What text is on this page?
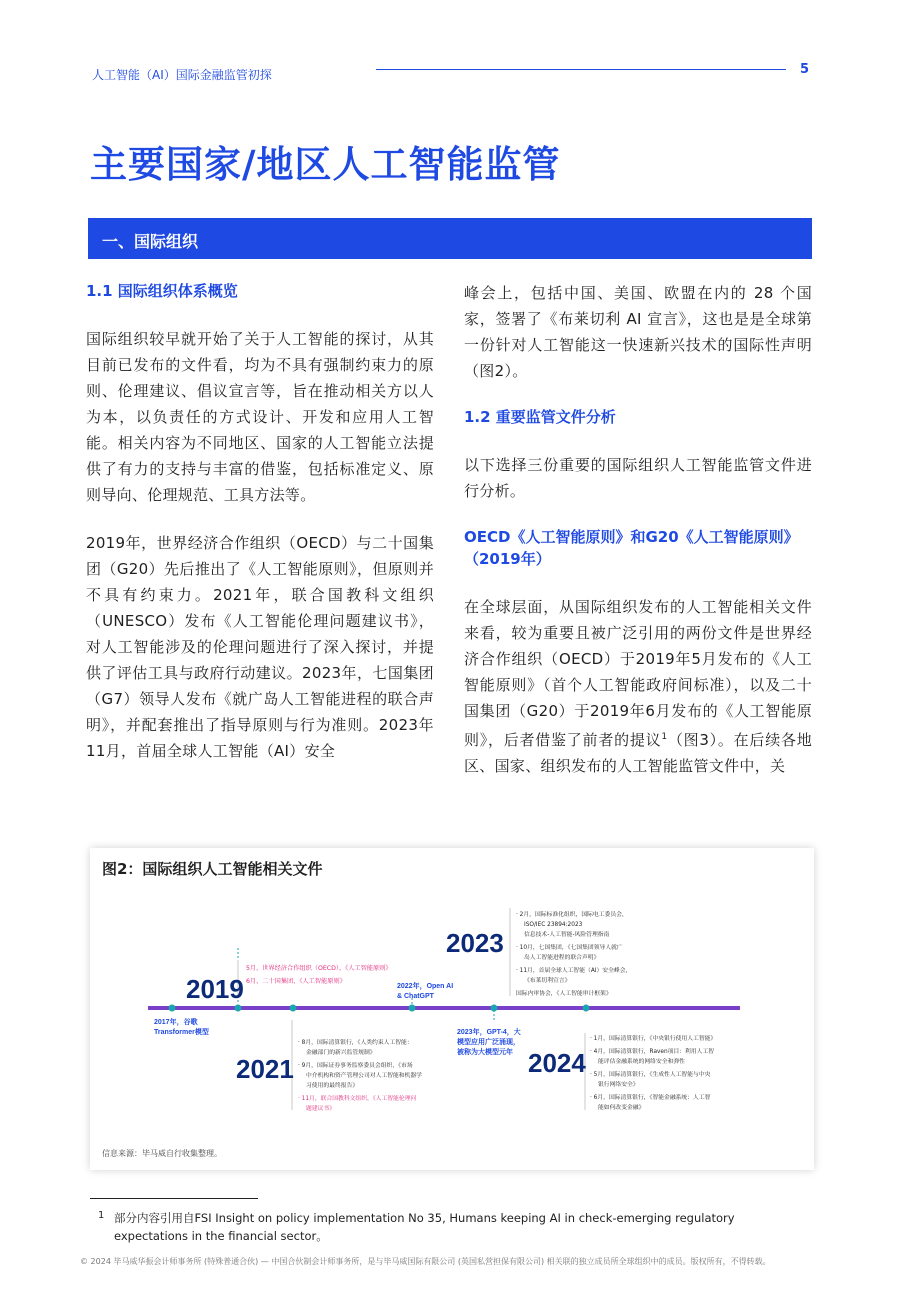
人工智能（AI）国际金融监管初探	5
主要国家/地区人工智能监管
一、国际组织
1.1 国际组织体系概览
国际组织较早就开始了关于人工智能的探讨，从其目前已发布的文件看，均为不具有强制约束力的原则、伦理建议、倡议宣言等，旨在推动相关方以人为本，以负责任的方式设计、开发和应用人工智能。相关内容为不同地区、国家的人工智能立法提供了有力的支持与丰富的借鉴，包括标准定义、原则导向、伦理规范、工具方法等。
2019年，世界经济合作组织（OECD）与二十国集团（G20）先后推出了《人工智能原则》，但原则并不具有约束力。2021年，联合国教科文组织（UNESCO）发布《人工智能伦理问题建议书》，对人工智能涉及的伦理问题进行了深入探讨，并提供了评估工具与政府行动建议。2023年，七国集团（G7）领导人发布《就广岛人工智能进程的联合声明》，并配套推出了指导原则与行为准则。2023年11月，首届全球人工智能（AI）安全
峰会上，包括中国、美国、欧盟在内的 28 个国家，签署了《布莱切利 AI 宣言》，这也是是全球第一份针对人工智能这一快速新兴技术的国际性声明（图2）。
1.2 重要监管文件分析
以下选择三份重要的国际组织人工智能监管文件进行分析。
OECD《人工智能原则》和G20《人工智能原则》（2019年）
在全球层面，从国际组织发布的人工智能相关文件来看，较为重要且被广泛引用的两份文件是世界经济合作组织（OECD）于2019年5月发布的《人工智能原则》（首个人工智能政府间标准），以及二十国集团（G20）于2019年6月发布的《人工智能原则》，后者借鉴了前者的提议$^1$（图3）。在后续各地区、国家、组织发布的人工智能监管文件中，关
2019
2021
2023
2024
2017年，谷歌
Transformer模型
2022年，Open AI
& ChatGPT
2023年，GPT-4，大
模型应用广泛涌现，
被称为大模型元年
5月，世界经济合作组织（OECD），《人工智能原则》
6月，二十国集团，《人工智能原则》
· 8月，国际清算银行，《人类约束人工智能：
金融部门的新兴监管规制》
· 9月，国际证券事务监察委员会组织，《市场
中介机构和资产管理公司对人工智能和机器学
习使用的最终报告》
· 11月，联合国教科文组织，《人工智能伦理问
题建议书》
· 2月，国际标准化组织，国际电工委员会，
ISO/IEC 23894:2023
信息技术-人工智能-风险管理指南
· 10月，七国集团，《七国集团领导人就广
岛人工智能进程的联合声明》
· 11月，首届全球人工智能（AI）安全峰会，
《布莱切利宣言》
国际内审协会，《人工智能审计框架》
· 1月，国际清算银行，《中央银行使用人工智能》
· 4月，国际清算银行，Raven项目：利用人工智
能评估金融系统的网络安全和弹性
· 5月，国际清算银行，《生成性人工智能与中央
银行网络安全》
· 6月，国际清算银行，《智能金融系统：人工智
能如何改变金融》
图2：国际组织人工智能相关文件
信息来源：毕马威自行收集整理。
1 部分内容引用自FSI Insight on policy implementation No 35, Humans keeping AI in check-emerging regulatory expectations in the financial sector。
© 2024 毕马威华振会计师事务所 (特殊普通合伙) — 中国合伙制会计师事务所，是与毕马威国际有限公司 (英国私营担保有限公司) 相关联的独立成员所全球组织中的成员。版权所有，不得转载。
